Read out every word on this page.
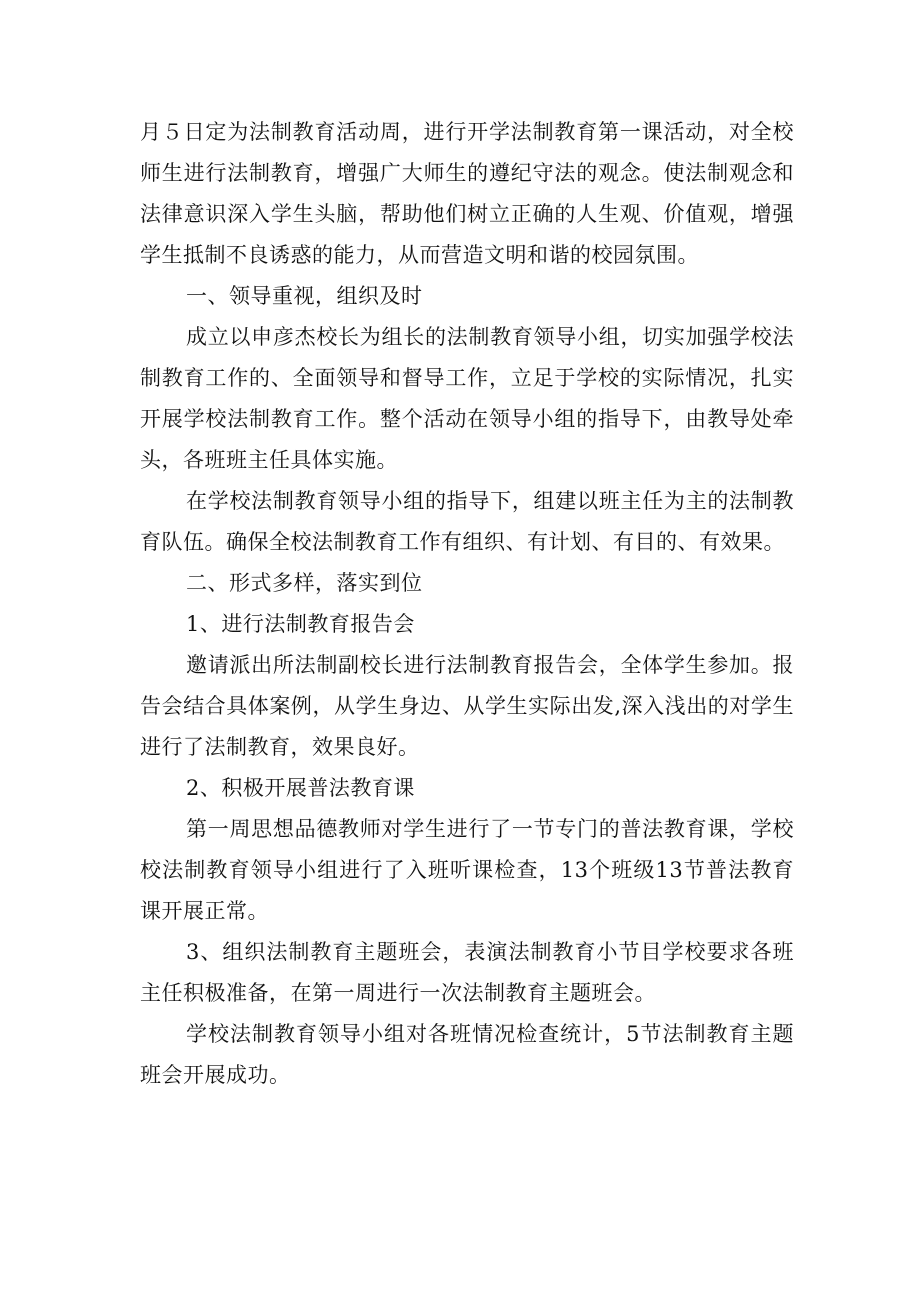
月５日定为法制教育活动周，进行开学法制教育第一课活动，对全校师生进行法制教育，增强广大师生的遵纪守法的观念。使法制观念和法律意识深入学生头脑，帮助他们树立正确的人生观、价值观，增强学生抵制不良诱惑的能力，从而营造文明和谐的校园氛围。

一、领导重视，组织及时

成立以申彦杰校长为组长的法制教育领导小组，切实加强学校法制教育工作的、全面领导和督导工作，立足于学校的实际情况，扎实开展学校法制教育工作。整个活动在领导小组的指导下，由教导处牵头，各班班主任具体实施。

在学校法制教育领导小组的指导下，组建以班主任为主的法制教育队伍。确保全校法制教育工作有组织、有计划、有目的、有效果。

二、形式多样，落实到位

1、进行法制教育报告会

邀请派出所法制副校长进行法制教育报告会，全体学生参加。报告会结合具体案例，从学生身边、从学生实际出发,深入浅出的对学生进行了法制教育，效果良好。

2、积极开展普法教育课

第一周思想品德教师对学生进行了一节专门的普法教育课，学校校法制教育领导小组进行了入班听课检查，13个班级13节普法教育课开展正常。

3、组织法制教育主题班会，表演法制教育小节目学校要求各班主任积极准备，在第一周进行一次法制教育主题班会。

学校法制教育领导小组对各班情况检查统计，5节法制教育主题班会开展成功。
